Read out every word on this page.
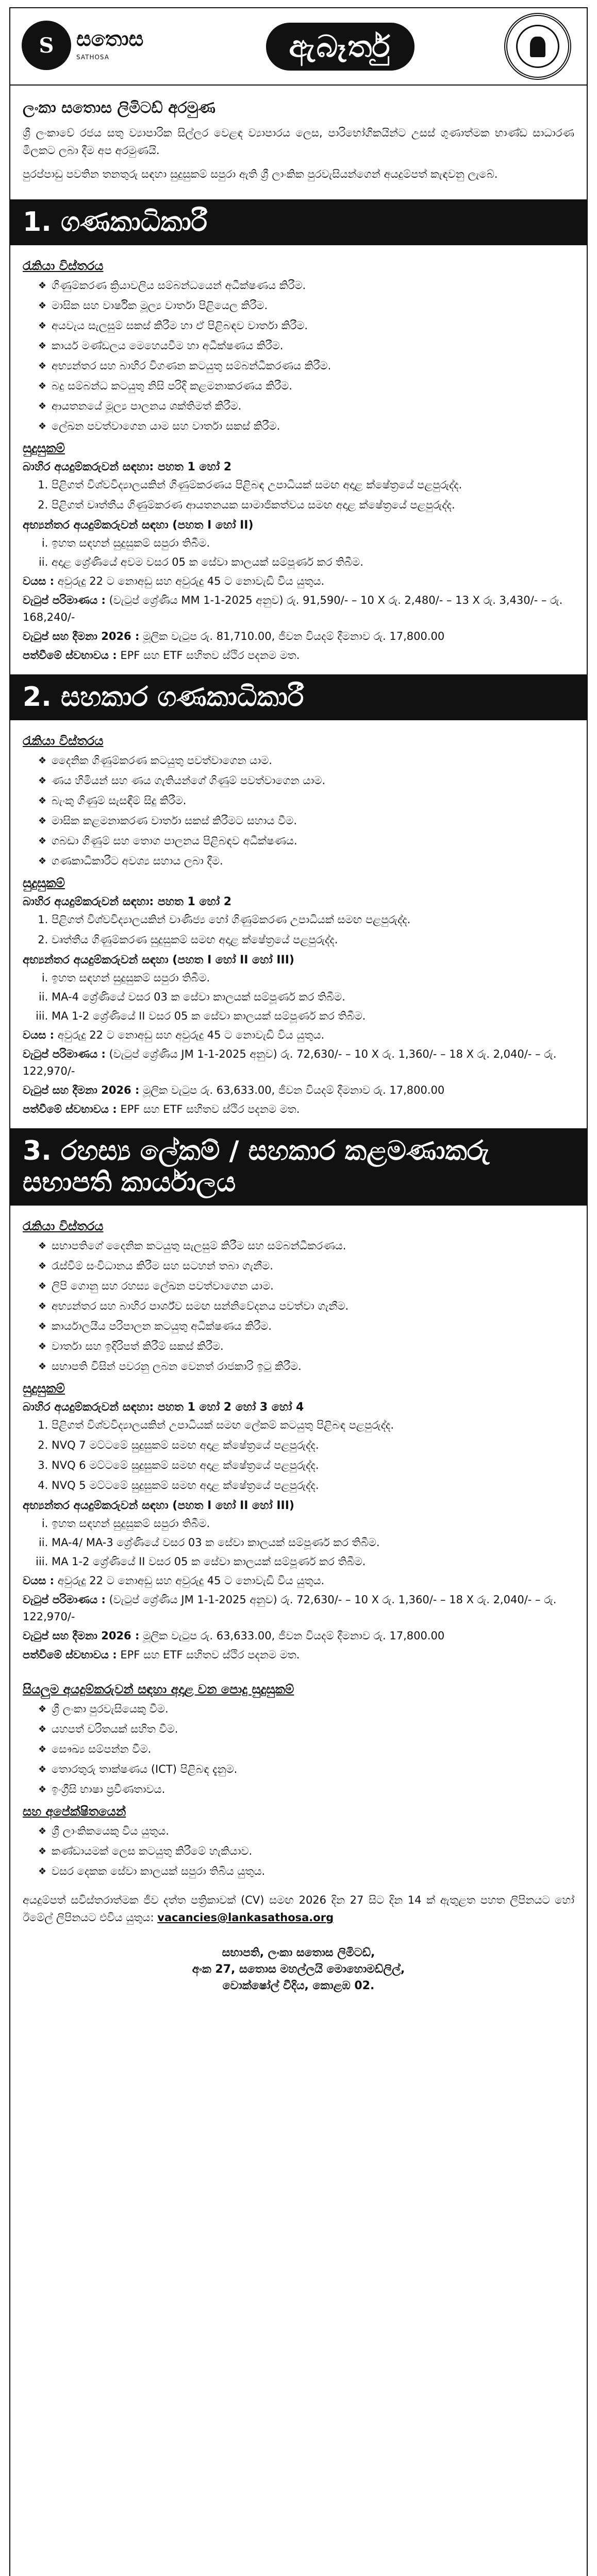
S සතොස
SATHOSA	ඇබෑර්තු
ලංකා සතොස ලිමිටඩ් අරමුණ

ශ්‍රී ලංකාවේ රජය සතු ව්‍යාපාරික සිල්ලර වෙළඳ ව්‍යාපාරය ලෙස, පාරිභෝගිකයින්ට උසස් ගුණාත්මක භාණ්ඩ සාධාරණ මිලකට ලබා දීම අප අරමුණයි.

පුරප්පාඩු පවතින තනතුරු සඳහා සුදුසුකම් සපුරා ඇති ශ්‍රී ලාංකික පුරවැසියන්ගෙන් අයදුම්පත් කැඳවනු ලැබේ.

1. ගණකාධිකාරී
රැකියා විස්තරය
❖ ගිණුම්කරණ ක්‍රියාවලිය සම්බන්ධයෙන් අධීක්ෂණය කිරීම.
❖ මාසික සහ වාර්ෂික මූල්‍ය වාර්තා පිළියෙල කිරීම.
❖ අයවැය සැලසුම් සකස් කිරීම හා ඒ පිළිබඳව වාර්තා කිරීම.
❖ කාර්ය මණ්ඩලය මෙහෙයවීම හා අධීක්ෂණය කිරීම.
❖ අභ්‍යන්තර සහ බාහිර විගණන කටයුතු සම්බන්ධීකරණය කිරීම.
❖ බදු සම්බන්ධ කටයුතු නිසි පරිදි කළමනාකරණය කිරීම.
❖ ආයතනයේ මූල්‍ය පාලනය ශක්තිමත් කිරීම.
❖ ලේඛන පවත්වාගෙන යාම සහ වාර්තා සකස් කිරීම.
සුදුසුකම්
බාහිර අයදුම්කරුවන් සඳහා: පහත 1 හෝ 2
1. පිළිගත් විශ්වවිද්‍යාලයකින් ගිණුම්කරණය පිළිබඳ උපාධියක් සමඟ අදාළ ක්ෂේත්‍රයේ පළපුරුද්ද.
2. පිළිගත් වෘත්තීය ගිණුම්කරණ ආයතනයක සාමාජිකත්වය සමඟ අදාළ ක්ෂේත්‍රයේ පළපුරුද්ද.
අභ්‍යන්තර අයදුම්කරුවන් සඳහා (පහත I හෝ II)
i. ඉහත සඳහන් සුදුසුකම් සපුරා තිබීම.
ii. අදාළ ශ්‍රේණියේ අවම වසර 05 ක සේවා කාලයක් සම්පූර්ණ කර තිබීම.
වයස : අවුරුදු 22 ට නොඅඩු සහ අවුරුදු 45 ට නොවැඩි විය යුතුය.
වැටුප් පරිමාණය : (වැටුප් ශ්‍රේණිය MM 1-1-2025 අනුව) රු. 91,590/- – 10 X රු. 2,480/- – 13 X රු. 3,430/- – රු. 168,240/-
වැටුප් සහ දීමනා 2026 : මූලික වැටුප රු. 81,710.00, ජීවන වියදම් දීමනාව රු. 17,800.00
පත්වීමේ ස්වභාවය : EPF සහ ETF සහිතව ස්ථිර පදනම මත.
2. සහකාර ගණකාධිකාරී
රැකියා විස්තරය
❖ දෛනික ගිණුම්කරණ කටයුතු පවත්වාගෙන යාම.
❖ ණය හිමියන් සහ ණය ගැතියන්ගේ ගිණුම් පවත්වාගෙන යාම.
❖ බැංකු ගිණුම් සැසඳීම් සිදු කිරීම.
❖ මාසික කළමනාකරණ වාර්තා සකස් කිරීමට සහාය වීම.
❖ ගබඩා ගිණුම් සහ තොග පාලනය පිළිබඳව අධීක්ෂණය.
❖ ගණකාධිකාරීට අවශ්‍ය සහාය ලබා දීම.
සුදුසුකම්
බාහිර අයදුම්කරුවන් සඳහා: පහත 1 හෝ 2
1. පිළිගත් විශ්වවිද්‍යාලයකින් වාණිජ්‍ය හෝ ගිණුම්කරණ උපාධියක් සමඟ පළපුරුද්ද.
2. වෘත්තීය ගිණුම්කරණ සුදුසුකම් සමඟ අදාළ ක්ෂේත්‍රයේ පළපුරුද්ද.
අභ්‍යන්තර අයදුම්කරුවන් සඳහා (පහත I හෝ II හෝ III)
i. ඉහත සඳහන් සුදුසුකම් සපුරා තිබීම.
ii. MA-4 ශ්‍රේණියේ වසර 03 ක සේවා කාලයක් සම්පූර්ණ කර තිබීම.
iii. MA 1-2 ශ්‍රේණියේ II වසර 05 ක සේවා කාලයක් සම්පූර්ණ කර තිබීම.
වයස : අවුරුදු 22 ට නොඅඩු සහ අවුරුදු 45 ට නොවැඩි විය යුතුය.
වැටුප් පරිමාණය : (වැටුප් ශ්‍රේණිය JM 1-1-2025 අනුව) රු. 72,630/- – 10 X රු. 1,360/- – 18 X රු. 2,040/- – රු. 122,970/-
වැටුප් සහ දීමනා 2026 : මූලික වැටුප රු. 63,633.00, ජීවන වියදම් දීමනාව රු. 17,800.00
පත්වීමේ ස්වභාවය : EPF සහ ETF සහිතව ස්ථිර පදනම මත.
3. රහස්‍ය ලේකම් / සහකාර කළමණාකරු සභාපති කාර්යාලය
රැකියා විස්තරය
❖ සභාපතිගේ දෛනික කටයුතු සැලසුම් කිරීම සහ සම්බන්ධීකරණය.
❖ රැස්වීම් සංවිධානය කිරීම සහ සටහන් තබා ගැනීම.
❖ ලිපි ගොනු සහ රහස්‍ය ලේඛන පවත්වාගෙන යාම.
❖ අභ්‍යන්තර සහ බාහිර පාර්ශ්ව සමඟ සන්නිවේදනය පවත්වා ගැනීම.
❖ කාර්යාලයීය පරිපාලන කටයුතු අධීක්ෂණය කිරීම.
❖ වාර්තා සහ ඉදිරිපත් කිරීම් සකස් කිරීම.
❖ සභාපති විසින් පවරනු ලබන වෙනත් රාජකාරි ඉටු කිරීම.
සුදුසුකම්
බාහිර අයදුම්කරුවන් සඳහා: පහත 1 හෝ 2 හෝ 3 හෝ 4
1. පිළිගත් විශ්වවිද්‍යාලයකින් උපාධියක් සමඟ ලේකම් කටයුතු පිළිබඳ පළපුරුද්ද.
2. NVQ 7 මට්ටමේ සුදුසුකම් සමඟ අදාළ ක්ෂේත්‍රයේ පළපුරුද්ද.
3. NVQ 6 මට්ටමේ සුදුසුකම් සමඟ අදාළ ක්ෂේත්‍රයේ පළපුරුද්ද.
4. NVQ 5 මට්ටමේ සුදුසුකම් සමඟ අදාළ ක්ෂේත්‍රයේ පළපුරුද්ද.
අභ්‍යන්තර අයදුම්කරුවන් සඳහා (පහත I හෝ II හෝ III)
i. ඉහත සඳහන් සුදුසුකම් සපුරා තිබීම.
ii. MA-4/ MA-3 ශ්‍රේණියේ වසර 03 ක සේවා කාලයක් සම්පූර්ණ කර තිබීම.
iii. MA 1-2 ශ්‍රේණියේ II වසර 05 ක සේවා කාලයක් සම්පූර්ණ කර තිබීම.
වයස : අවුරුදු 22 ට නොඅඩු සහ අවුරුදු 45 ට නොවැඩි විය යුතුය.
වැටුප් පරිමාණය : (වැටුප් ශ්‍රේණිය JM 1-1-2025 අනුව) රු. 72,630/- – 10 X රු. 1,360/- – 18 X රු. 2,040/- – රු. 122,970/-
වැටුප් සහ දීමනා 2026 : මූලික වැටුප රු. 63,633.00, ජීවන වියදම් දීමනාව රු. 17,800.00
පත්වීමේ ස්වභාවය : EPF සහ ETF සහිතව ස්ථිර පදනම මත.
සියලුම අයදුම්කරුවන් සඳහා අදාළ වන පොදු සුදුසුකම්
❖ ශ්‍රී ලංකා පුරවැසියෙකු වීම.
❖ යහපත් චරිතයක් සහිත වීම.
❖ සෞඛ්‍ය සම්පන්න වීම.
❖ තොරතුරු තාක්ෂණය (ICT) පිළිබඳ දැනුම.
❖ ඉංග්‍රීසි භාෂා ප්‍රවීණතාවය.
සහ අපේක්ෂිතයෙන්
❖ ශ්‍රී ලාංකිකයෙකු විය යුතුය.
❖ කණ්ඩායමක් ලෙස කටයුතු කිරීමේ හැකියාව.
❖ වසර දෙකක සේවා කාලයක් සපුරා තිබිය යුතුය.

අයදුම්පත් සවිස්තරාත්මක ජීව දත්ත පත්‍රිකාවක් (CV) සමඟ 2026 දින 27 සිට දින 14 ක් ඇතුළත පහත ලිපිනයට හෝ ඊමේල් ලිපිනයට එවිය යුතුය: vacancies@lankasathosa.org

සභාපති, ලංකා සතොස ලිමිටඩ්,
අංක 27, සතොස මහල්ලයි මොහොමඩ්ලිල්,
වොක්ෂෝල් වීදිය, කොළඹ 02.
